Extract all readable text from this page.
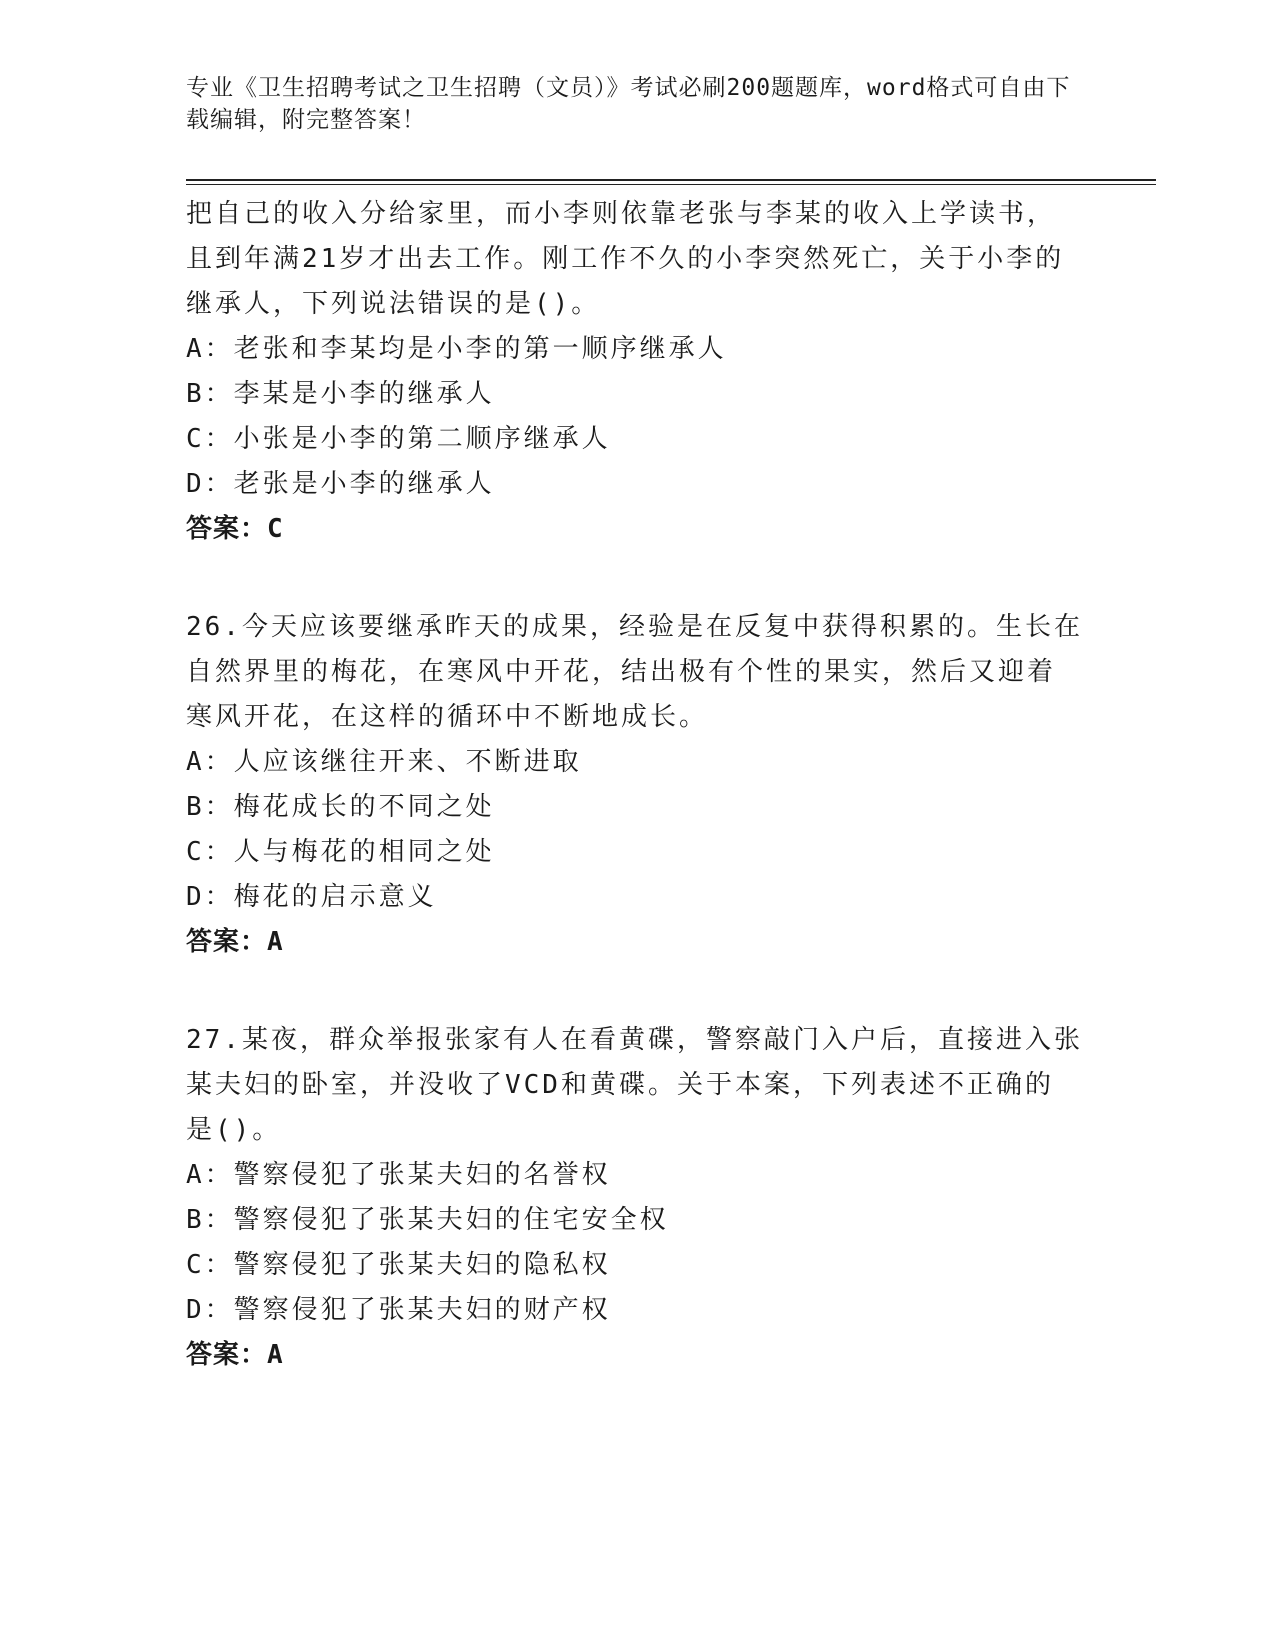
专业《卫生招聘考试之卫生招聘（文员）》考试必刷200题题库，word格式可自由下载编辑，附完整答案！

把自己的收入分给家里，而小李则依靠老张与李某的收入上学读书，

且到年满21岁才出去工作。刚工作不久的小李突然死亡，关于小李的

继承人，下列说法错误的是()。

A：老张和李某均是小李的第一顺序继承人

B：李某是小李的继承人

C：小张是小李的第二顺序继承人

D：老张是小李的继承人

答案：C

26.今天应该要继承昨天的成果，经验是在反复中获得积累的。生长在

自然界里的梅花，在寒风中开花，结出极有个性的果实，然后又迎着

寒风开花，在这样的循环中不断地成长。

A：人应该继往开来、不断进取

B：梅花成长的不同之处

C：人与梅花的相同之处

D：梅花的启示意义

答案：A

27.某夜，群众举报张家有人在看黄碟，警察敲门入户后，直接进入张

某夫妇的卧室，并没收了VCD和黄碟。关于本案，下列表述不正确的

是()。

A：警察侵犯了张某夫妇的名誉权

B：警察侵犯了张某夫妇的住宅安全权

C：警察侵犯了张某夫妇的隐私权

D：警察侵犯了张某夫妇的财产权

答案：A
